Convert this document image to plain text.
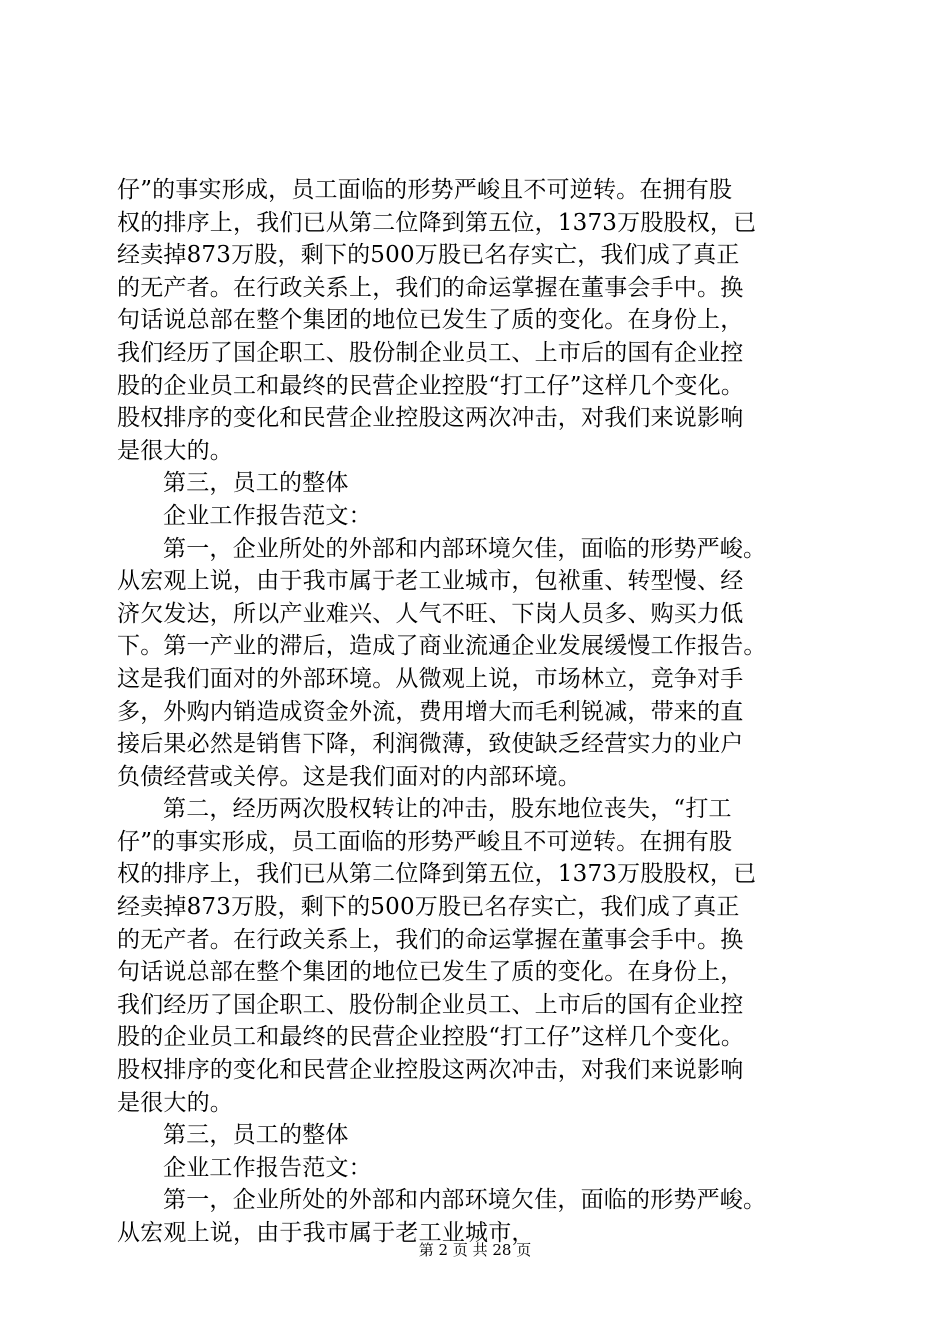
仔”的事实形成，员工面临的形势严峻且不可逆转。在拥有股
权的排序上，我们已从第二位降到第五位，1373万股股权，已
经卖掉873万股，剩下的500万股已名存实亡，我们成了真正
的无产者。在行政关系上，我们的命运掌握在董事会手中。换
句话说总部在整个集团的地位已发生了质的变化。在身份上，
我们经历了国企职工、股份制企业员工、上市后的国有企业控
股的企业员工和最终的民营企业控股“打工仔”这样几个变化。
股权排序的变化和民营企业控股这两次冲击，对我们来说影响
是很大的。
第三，员工的整体
企业工作报告范文：
第一，企业所处的外部和内部环境欠佳，面临的形势严峻。
从宏观上说，由于我市属于老工业城市，包袱重、转型慢、经
济欠发达，所以产业难兴、人气不旺、下岗人员多、购买力低
下。第一产业的滞后，造成了商业流通企业发展缓慢工作报告。
这是我们面对的外部环境。从微观上说，市场林立，竞争对手
多，外购内销造成资金外流，费用增大而毛利锐减，带来的直
接后果必然是销售下降，利润微薄，致使缺乏经营实力的业户
负债经营或关停。这是我们面对的内部环境。
第二，经历两次股权转让的冲击，股东地位丧失，“打工
仔”的事实形成，员工面临的形势严峻且不可逆转。在拥有股
权的排序上，我们已从第二位降到第五位，1373万股股权，已
经卖掉873万股，剩下的500万股已名存实亡，我们成了真正
的无产者。在行政关系上，我们的命运掌握在董事会手中。换
句话说总部在整个集团的地位已发生了质的变化。在身份上，
我们经历了国企职工、股份制企业员工、上市后的国有企业控
股的企业员工和最终的民营企业控股“打工仔”这样几个变化。
股权排序的变化和民营企业控股这两次冲击，对我们来说影响
是很大的。
第三，员工的整体
企业工作报告范文：
第一，企业所处的外部和内部环境欠佳，面临的形势严峻。
从宏观上说，由于我市属于老工业城市，
第 2 页 共 28 页
